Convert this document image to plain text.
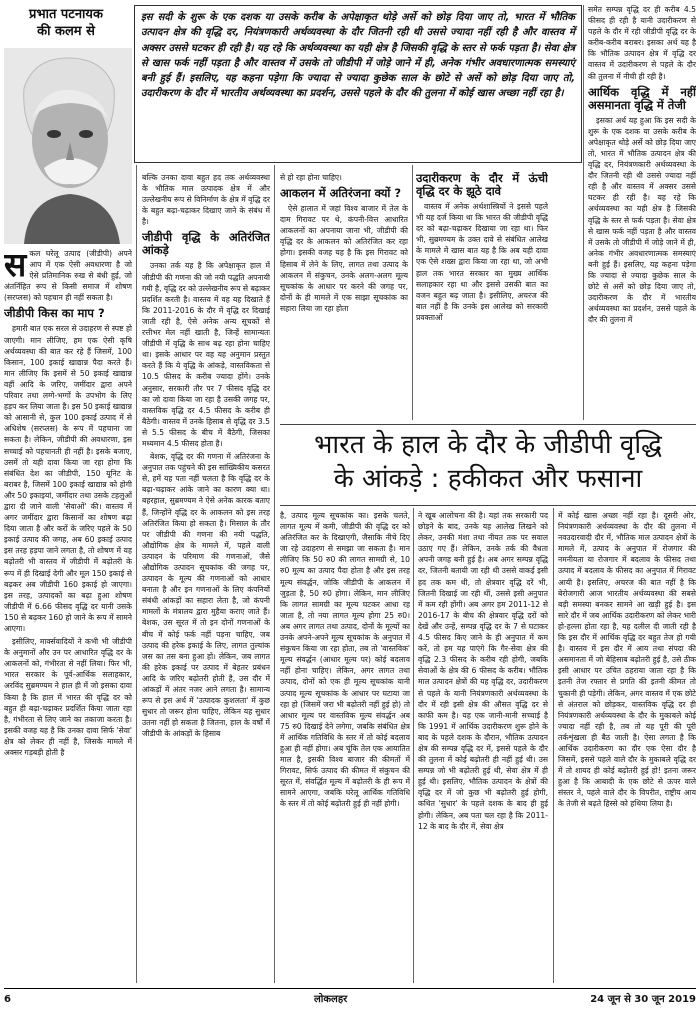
प्रभात पटनायक
की कलम से
इस सदी के शुरू के एक दशक या उसके करीब के अपेक्षाकृत थोड़े अर्से को छोड़ दिया जाए तो, भारत में भौतिक उत्पादन क्षेत्र की वृद्धि दर, नियंत्रणकारी अर्थव्यवस्था के दौर जितनी रही थी उससे ज्यादा नहीं रही है और वास्तव में अक्सर उससे घटकर ही रही है। यह रहे कि अर्थव्यवस्था का यही क्षेत्र है जिसकी वृद्धि के स्तर से फर्क पड़ता है। सेवा क्षेत्र से खास फर्क नहीं पड़ता है और वास्तव में उसके तो जीडीपी में जोड़े जाने में ही, अनेक गंभीर अवधारणात्मक समस्याएं बनी हुई हैं। इसलिए, यह कहना पड़ेगा कि ज्यादा से ज्यादा कुछेक साल के छोटे से असें को छोड़ दिया जाए तो, उदारीकरण के दौर में भारतीय अर्थव्यवस्था का प्रदर्शन, उससे पहले के दौर की तुलना में कोई खास अच्छा नहीं रहा है।

स कल घरेलू उत्पाद (जीडीपी) अपने आप में एक ऐसी अवधारणा है जो ऐसे प्रतिमानिक रुख से बंधी हुई, जो अंतर्निहित रूप से किसी समाज में शोषण (सरप्लस) को पहचान ही नहीं सकता है।

जीडीपी किस का माप ?

हमारी बात एक सरल से उदाहरण से स्पष्ट हो जाएगी। मान लीजिए, हम एक ऐसी कृषि अर्थव्यवस्था की बात कर रहे हैं जिसमें, 100 किसान, 100 इकाई खाद्यान्न पैदा करते हैं। मान लीजिए कि इसमें से 50 इकाई खाद्यान्न वहीं आदि के जरिए, जमींदार द्वारा अपने परिवार तथा लग्गे-भग्गों के उपभोग के लिए हड़प कर लिया जाता है। इस 50 इकाई खाद्यान्न को आसानी से, कुल 100 इकाई उत्पाद में से अधिशेष (सरप्लस) के रूप में पहचाना जा सकता है। लेकिन, जीडीपी की अवधारणा, इस सच्चाई को पहचानती ही नहीं है। इसके बजाए, उसमें तो यही दावा किया जा रहा होगा कि संबंधित देश का जीडीपी, 150 यूनिट के बराबर है, जिसमें 100 इकाई खाद्यान्न को होगी और 50 इकाइयां, जमींदार तथा उसके टहलुओं द्वारा दी जाने वाली 'सेवाओं' की। वास्तव में अगर जमींदार द्वारा किसानों का शोषण बढ़ा दिया जाता है और करों के जरिए पहले के 50 इकाई उत्पाद की जगह, अब 60 इकाई उत्पाद इस तरह हड़पा जाने लगता है, तो शोषण में यह बढ़ोतरी भी वास्तव में जीडीपी में बढ़ोतरी के रूप में ही दिखाई देगी और मूल 150 इकाई से बढ़कर अब जीडीपी 160 इकाई हो जाएगा। इस तरह, उत्पादकों का बढ़ा हुआ शोषण जीडीपी में 6.66 फीसद वृद्धि दर यानी उसके 150 से बढ़कर 160 हो जाने के रूप में सामने आएगा।

इसीलिए, मार्क्सवादियों ने कभी भी जीडीपी के अनुमानों और उन पर आधारित वृद्धि दर के आकलनों को, गंभीरता से नहीं लिया। फिर भी, भारत सरकार के पूर्व-आर्थिक सलाहकार, अरविंद सुब्रमण्यम ने हाल ही में जो इसका दावा किया है कि हाल में भारत की वृद्धि दर को बहुत ही बढ़ा-चढ़ाकर प्रदर्शित किया जाता रहा है, गंभीरता से लिए जाने का तकाजा करता है। इसकी वजह यह है कि उनका दावा सिर्फ 'सेवा' क्षेत्र को लेकर ही नहीं है, जिसके मामले में अक्सर गड़बड़ी होती है

बल्कि उनका दावा बहुत हद तक अर्थव्यवस्था के भौतिक माल उत्पादक क्षेत्र में और उल्लेखनीय रूप से विनिर्माण के क्षेत्र में वृद्धि दर के बहुत बढ़ा-चढ़ाकर दिखाए जाने के संबंध में है।

जीडीपी वृद्धि के अतिरंजित आंकड़े

उनका तर्क यह है कि अपेक्षाकृत हाल में जीडीपी की गणना की जो नयी पद्धति अपनायी गयी है, वृद्धि दर को उल्लेखनीय रूप से बढ़ाकर प्रदर्शित करती है। वास्तव में वह यह दिखाते हैं कि 2011-2016 के दौर में वृद्धि दर दिखाई जाती रही है, ऐसे अनेक अन्य सूचकों से रत्तीभर मेल नहीं खाती है, जिन्हें सामान्यतः जीडीपी में वृद्धि के साथ बढ़ रहा होना चाहिए था। इसके आधार पर वह यह अनुमान प्रस्तुत करते हैं कि ये वृद्धि के आंकड़े, वास्तविकता से 10.5 फीसद के करीब ज्यादा होंगे। उनके अनुसार, सरकारी तौर पर 7 फीसद वृद्धि दर का जो दावा किया जा रहा है उसकी जगह पर, वास्तविक वृद्धि दर 4.5 फीसद के करीब ही बैठेगी। वास्तव में उनके हिसाब से वृद्धि दर 3.5 से 5.5 फीसद के बीच में बैठेगी, जिसका मध्यमान 4.5 फीसद होता है।

बेशक, वृद्धि दर की गणना में अतिरंजना के अनुपात तक पहुंचने की इस सांख्यिकीय कसरत से, हमें यह पता नहीं चलता है कि वृद्धि दर के बढ़ा-चढ़ाकर आंके जाने का कारण क्या था। बहरहाल, सुब्रमण्यम ने ऐसे अनेक कारक बताए हैं, जिन्होंने वृद्धि दर के आकलन को इस तरह अतिरंजित किया हो सकता है। मिसाल के तौर पर जीडीपी की गणना की नयी पद्धति, औद्योगिक क्षेत्र के मामले में, पहले वाली उत्पादन के परिमाण की गणनाओं, जैसे औद्योगिक उत्पादन सूचकांक की जगह पर, उत्पादन के मूल्य की गणनाओं को आधार बनाता है और इन गणनाओं के लिए कंपनियों संबंधी आंकड़ों का सहारा लेता है, जो कंपनी मामलों के मंत्रालय द्वारा मुहैया कराए जाते हैं। बेशक, उस सूरत में तो इन दोनों गणनाओं के बीच में कोई फर्क नहीं पड़ना चाहिए, जब उत्पाद की हरेक इकाई के लिए, लागत तुल्यांक जस का तस बना हुआ हो। लेकिन, जब लागत की हरेक इकाई पर उत्पाद में बेहतर प्रबंधन आदि के जरिए बढ़ोतरी होती है, उस दौर में आंकड़ों में अंतर नजर आने लगता है। सामान्य रूप से इस अर्थ में 'उत्पादक कुशलता' में कुछ सुधार तो जरूर होना चाहिए, लेकिन यह सुधार उतना नहीं हो सकता है जितना, हाल के वर्षों में जीडीपी के आंकड़ों के हिसाब

से हो रहा होना चाहिए।

आकलन में अतिरंजना क्यों ?

ऐसे हालात में जहां विश्व बाजार में तेल के दाम गिरावट पर थे, कंपनी-वित्त आधारित आकलनों का अपनाया जाना भी, जीडीपी की वृद्धि दर के आकलन को अतिरंजित कर रहा होगा। इसकी वजह यह है कि इस गिरावट को हिसाब में लेने के लिए, लागत तथा उत्पाद के आकलन में संकुचन, उनके अलग-अलग मूल्य सूचकांक के आधार पर करने की जगह पर, दोनों के ही मामले में एक साझा सूचकांक का सहारा लिया जा रहा होता

उदारीकरण के दौर में ऊंची वृद्धि दर के झूठे दावे

वास्तव में अनेक अर्थशास्त्रियों ने इससे पहले भी यह दर्ज किया था कि भारत की जीडीपी वृद्धि दर को बढ़ा-चढ़ाकर दिखाया जा रहा था। फिर भी, सुब्रमण्यम के उक्त दावे से संबंधित आलेख के मामले में खास बात यह है कि अब यही दावा एक ऐसे शख्स द्वारा किया जा रहा था, जो अभी हाल तक भारत सरकार का मुख्य आर्थिक सलाहकार रहा था और इससे उसकी बात का वजन बहुत बढ़ जाता है। इसीलिए, अचरज की बात नहीं है कि उनके इस आलेख को सरकारी प्रवक्ताओं

समेत सम्पन्न वृद्धि दर ही करीब 4.5 फीसद ही रही है यानी उदारीकरण से पहले के दौर में रही जीडीपी वृद्धि दर के करीब-करीब बराबर। इसका अर्थ यह है कि भौतिक उत्पादन क्षेत्र में वृद्धि दर वास्तव में उदारीकरण से पहले के दौर की तुलना में नीची ही रही है।

आर्थिक वृद्धि में नहीं असमानता वृद्धि में तेजी

इसका अर्थ यह हुआ कि इस सदी के शुरू के एक दशक या उसके करीब के अपेक्षाकृत थोड़े अर्से को छोड़ दिया जाए तो, भारत में भौतिक उत्पादन क्षेत्र की वृद्धि दर, नियंत्रणकारी अर्थव्यवस्था के दौर जितनी रही थी उससे ज्यादा नहीं रही है और वास्तव में अक्सर उससे घटकर ही रही है। यह रहे कि अर्थव्यवस्था का यही क्षेत्र है जिसकी वृद्धि के स्तर से फर्क पड़ता है। सेवा क्षेत्र से खास फर्क नहीं पड़ता है और वास्तव में उसके तो जीडीपी में जोड़े जाने में ही, अनेक गंभीर अवधारणात्मक समस्याएं बनी हुई हैं। इसलिए, यह कहना पड़ेगा कि ज्यादा से ज्यादा कुछेक साल के छोटे से असें को छोड़ दिया जाए तो, उदारीकरण के दौर में भारतीय अर्थव्यवस्था का प्रदर्शन, उससे पहले के दौर की तुलना में

भारत के हाल के दौर के जीडीपी वृद्धि
के आंकड़े : हकीकत और फसाना

है, उत्पाद मूल्य सूचकांक का। इसके चलते, लागत मूल्य में कमी, जीडीपी की वृद्धि दर को अतिरंजित कर के दिखाएगी, जैसाकि नीचे दिए जा रहे उदाहरण से समझा जा सकता है। मान लीजिए कि 50 रु0 की लागत सामग्री से, 10 रु0 मूल्य का उत्पाद पैदा होता है और इस तरह मूल्य संवर्द्धन, जोकि जीडीपी के आकलन में जुड़ता है, 50 रु0 होगा। लेकिन, मान लीजिए कि लागत सामग्री का मूल्य घटकर आधा रह जाता है, तो नया लागत मूल्य होगा 25 रु0। अब अगर लागत तथा उत्पाद, दोनों के मूल्यों का उनके अपने-अपने मूल्य सूचकांक के अनुपात में संकुचन किया जा रहा होता, तब तो 'वास्तविक' मूल्य संवर्द्धन (आधार मूल्य पर) कोई बदलाव नहीं होना चाहिए। लेकिन, अगर लागत तथा उत्पाद, दोनों को एक ही मूल्य सूचकांक यानी उत्पाद मूल्य सूचकांक के आधार पर घटाया जा रहा हो (जिसमें जरा भी बढ़ोतरी नहीं हुई हो) तो आधार मूल्य पर वास्तविक मूल्य संवर्द्धन अब 75 रु0 दिखाई देने लगेगा, जबकि संबंधित क्षेत्र में आर्थिक गतिविधि के स्तर में तो कोई बदलाव हुआ ही नहीं होगा। अब चूंकि तेल एक आयातित माल है, इसकी विश्व बाजार की कीमतों में गिरावट, सिर्फ उत्पाद की कीमत में संकुचन की सूरत में, संवर्द्धित मूल्य में बढ़ोतरी के ही रूप में सामने आएगा, जबकि घरेलू आर्थिक गतिविधि के स्तर में तो कोई बढ़ोतरी हुई ही नहीं होगी।

ने खूब आलोचना की है। यहां तक सरकारी पद छोड़ने के बाद, उनके यह आलेख लिखने को लेकर, उनकी मंशा तथा नीयत तक पर सवाल उठाए गए हैं। लेकिन, उनके तर्क की वैधता अपनी जगह बनी हुई है। अब अगर सम्पन्न वृद्धि दर, जितनी बतायी जा रही थी उससे वाकई इसी हद तक कम थी, तो क्षेत्रवार वृद्धि दरें भी, जितनी दिखाई जा रही थीं, उससे इसी अनुपात में कम रही होंगी। अब अगर हम 2011-12 से 2016-17 के बीच की क्षेत्रवार वृद्धि दरों को देखें और उन्हें, सम्पन्न वृद्धि दर के 7 से घटाकर 4.5 फीसद किए जाने के ही अनुपात में कम करें, तो हम यह पाएंगे कि गैर-सेवा क्षेत्र की वृद्धि 2.3 फीसद के करीब रही होगी, जबकि सेवाओं के क्षेत्र की 6 फीसद के करीब। भौतिक माल उत्पादन क्षेत्रों की यह वृद्धि दर, उदारीकरण से पहले के यानी नियंत्रणकारी अर्थव्यवस्था के दौर में रही इसी क्षेत्र की औसत वृद्धि दर से काफी कम है। यह एक जानी-मानी सच्चाई है कि 1991 में आर्थिक उदारीकरण शुरू होने के बाद के पहले दशक के दौरान, भौतिक उत्पादन क्षेत्र की सम्पन्न वृद्धि दर में, इससे पहले के दौर की तुलना में कोई बढ़ोतरी ही नहीं हुई थी। उस सम्पन्न जो भी बढ़ोतरी हुई थी, सेवा क्षेत्र में ही हुई थी। इसलिए, भौतिक उत्पादन के क्षेत्रों की वृद्धि दर में जो कुछ भी बढ़ोतरी हुई होगी, कथित 'सुधार' के पहले दशक के बाद ही हुई होगी। लेकिन, अब पता चल रहा है कि 2011-12 के बाद के दौर में, सेवा क्षेत्र

में कोई खास अच्छा नहीं रहा है। दूसरी ओर, नियंत्रणकारी अर्थव्यवस्था के दौर की तुलना में नवउदारवादी दौर में, भौतिक माल उत्पादन क्षेत्रों के मामले में, उत्पाद के अनुपात में रोजगार की नमनीयता या रोजगार में बदलाव के फीसद तथा उत्पाद में बदलाव के फीसद का अनुपात में गिरावट आयी है। इसलिए, अचरज की बात नहीं है कि बेरोजगारी आज भारतीय अर्थव्यवस्था की सबसे बड़ी समस्या बनकर सामने आ खड़ी हुई है। इस सारे दौर में जब आर्थिक उदारीकरण को लेकर भारी हो-हल्ला होता रहा है, यह दलील दी जाती रही है कि इस दौर में आर्थिक वृद्धि दर बहुत तेज हो गयी है। वास्तव में इस दौर में आय तथा संपदा की असमानता में जो बेहिसाब बढ़ोतरी हुई है, उसे ठीक इसी आधार पर उचित ठहराया जाता रहा है कि इतनी तेज रफ्तार से प्रगति की इतनी कीमत तो चुकानी ही पड़ेगी। लेकिन, अगर वास्तव में एक छोटे से अंतराल को छोड़कर, वास्तविक वृद्धि दर ही नियंत्रणकारी अर्थव्यवस्था के दौर के मुकाबले कोई ज्यादा नहीं रही है, तब तो यह पूरी की पूरी तर्कशृंखला ही बैठ जाती है। ऐसा लगता है कि आर्थिक उदारीकरण का दौर एक ऐसा दौर है जिसमें, इससे पहले वाले दौर के मुकाबले वृद्धि दर में तो शायद ही कोई बढ़ोतरी हुई हो! इतना जरूर हुआ है कि आबादी के एक छोटे से ऊपर वाले संस्तर ने, पहले वाले दौर के विपरीत, राष्ट्रीय आय के तेजी से बढ़ते हिस्से को हथिया लिया है।

6	लोकलहर	24 जून से 30 जून 2019
